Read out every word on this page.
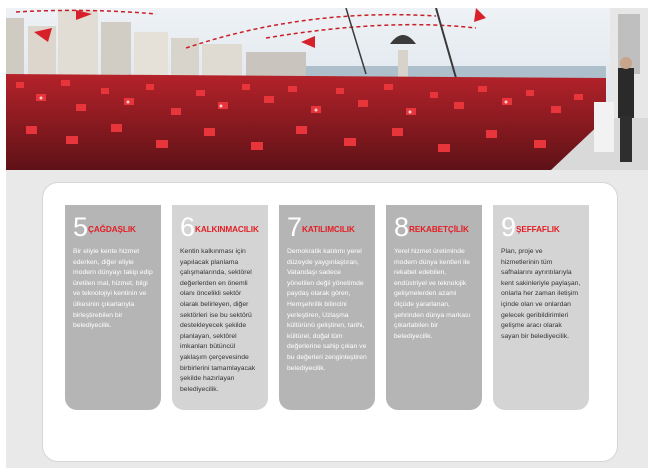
5 ÇAĞDAŞLIK
Bir eliyle kente hizmet ederken, diğer eliyle modern dünyayı takip edip üretilen mal, hizmet, bilgi ve teknolojiyi kentinin ve ülkesinin çıkarlarıyla birleştirebilen bir belediyecilik.
6 KALKINMACILIK
Kentin kalkınması için yapılacak planlama çalışmalarında, sektörel değerlerden en önemli olanı öncelikli sektör olarak belirleyen, diğer sektörleri ise bu sektörü destekleyecek şekilde planlayan, sektörel imkanları bütüncül yaklaşım çerçevesinde birbirlerini tamamlayacak şekilde hazırlayan belediyecilik.
7 KATILIMCILIK
Demokratik katılımı yerel düzeyde yaygınlaştıran, Vatandaşı sadece yönetilen değil yönetimde paydaş olarak gören, Hemşehrilik bilincini yerleştiren, Uzlaşma kültürünü geliştiren, tarihi, kültürel, doğal tüm değerlerine sahip çıkan ve bu değerleri zenginleştiren belediyecilik.
8 REKABETÇİLİK
Yerel hizmet üretiminde modern dünya kentleri ile rekabet edebilen, endüstriyel ve teknolojik gelişmelerden azami ölçüde yararlanan, şehrinden dünya markası çıkartabilen bir belediyecilik.
9 ŞEFFAFLIK
Plan, proje ve hizmetlerinin tüm safhalarını ayrıntılarıyla kent sakinleriyle paylaşan, onlarla her zaman iletişim içinde olan ve onlardan gelecek geribildirimleri gelişme aracı olarak sayan bir belediyecilik.
